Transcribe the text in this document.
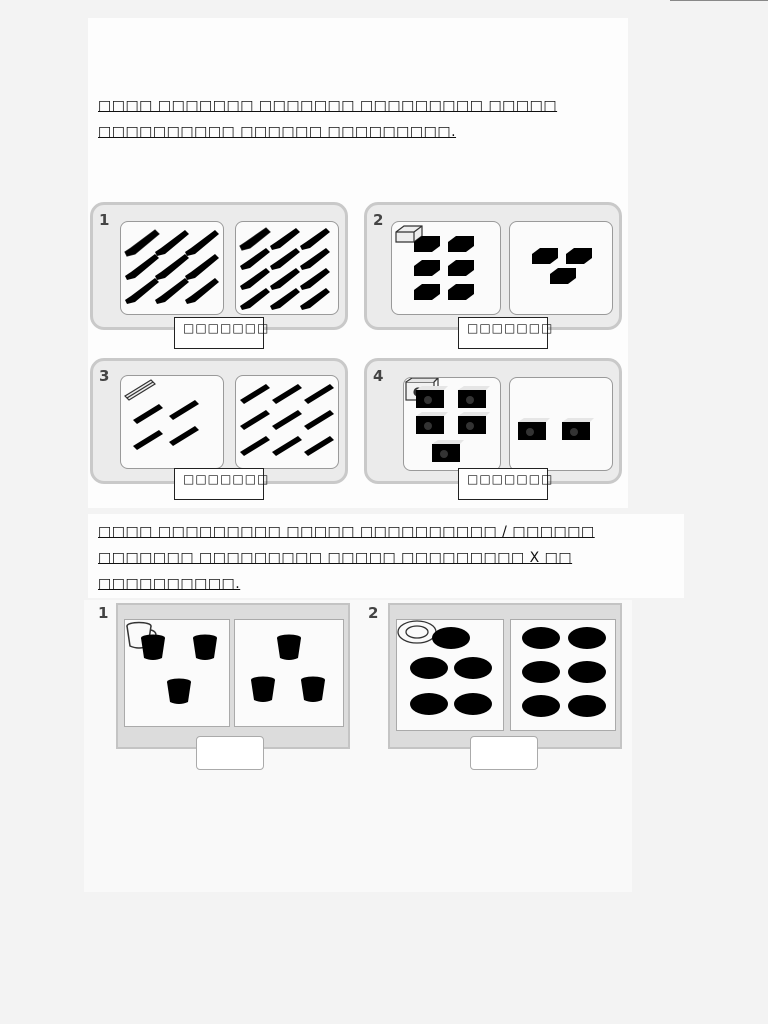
□□□□ □□□□□□□ □□□□□□□ □□□□□□□□□ □□□□□ □□□□□□□□□□ □□□□□□ □□□□□□□□□.
1	2
3	4
□□□□□□□	□□□□□□□
□□□□□□□	□□□□□□□
□□□□ □□□□□□□□□ □□□□□ □□□□□□□□□□ / □□□□□□ □□□□□□□ □□□□□□□□□ □□□□□ □□□□□□□□□ X □□ □□□□□□□□□□.
1	2
